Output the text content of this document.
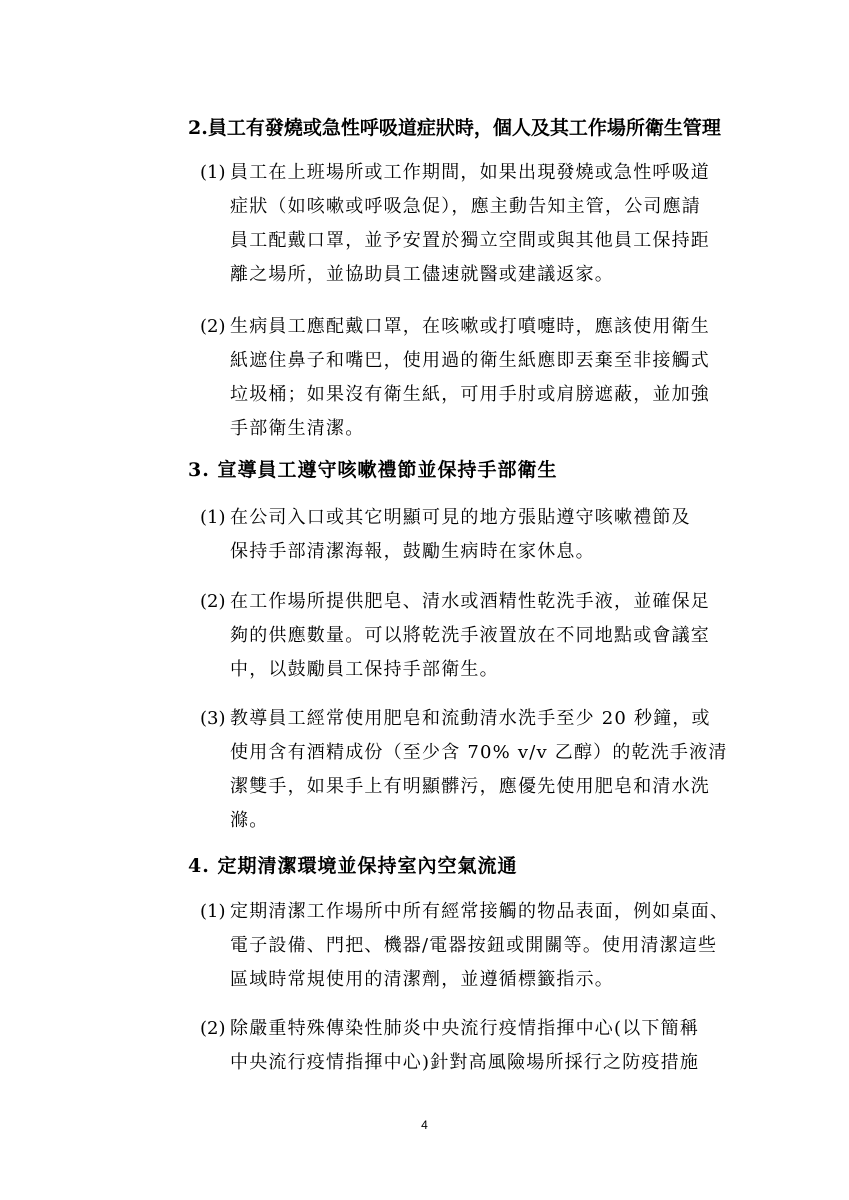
2.員工有發燒或急性呼吸道症狀時，個人及其工作場所衛生管理
(1) 員工在上班場所或工作期間，如果出現發燒或急性呼吸道
症狀（如咳嗽或呼吸急促），應主動告知主管，公司應請
員工配戴口罩，並予安置於獨立空間或與其他員工保持距
離之場所，並協助員工儘速就醫或建議返家。
(2) 生病員工應配戴口罩，在咳嗽或打噴嚏時，應該使用衛生
紙遮住鼻子和嘴巴，使用過的衛生紙應即丟棄至非接觸式
垃圾桶；如果沒有衛生紙，可用手肘或肩膀遮蔽，並加強
手部衛生清潔。
3. 宣導員工遵守咳嗽禮節並保持手部衛生
(1) 在公司入口或其它明顯可見的地方張貼遵守咳嗽禮節及
保持手部清潔海報，鼓勵生病時在家休息。
(2) 在工作場所提供肥皂、清水或酒精性乾洗手液，並確保足
夠的供應數量。可以將乾洗手液置放在不同地點或會議室
中，以鼓勵員工保持手部衛生。
(3) 教導員工經常使用肥皂和流動清水洗手至少 20 秒鐘，或
使用含有酒精成份（至少含 70% v/v 乙醇）的乾洗手液清
潔雙手，如果手上有明顯髒污，應優先使用肥皂和清水洗
滌。
4. 定期清潔環境並保持室內空氣流通
(1) 定期清潔工作場所中所有經常接觸的物品表面，例如桌面、
電子設備、門把、機器/電器按鈕或開關等。使用清潔這些
區域時常規使用的清潔劑，並遵循標籤指示。
(2) 除嚴重特殊傳染性肺炎中央流行疫情指揮中心(以下簡稱
中央流行疫情指揮中心)針對高風險場所採行之防疫措施
4
